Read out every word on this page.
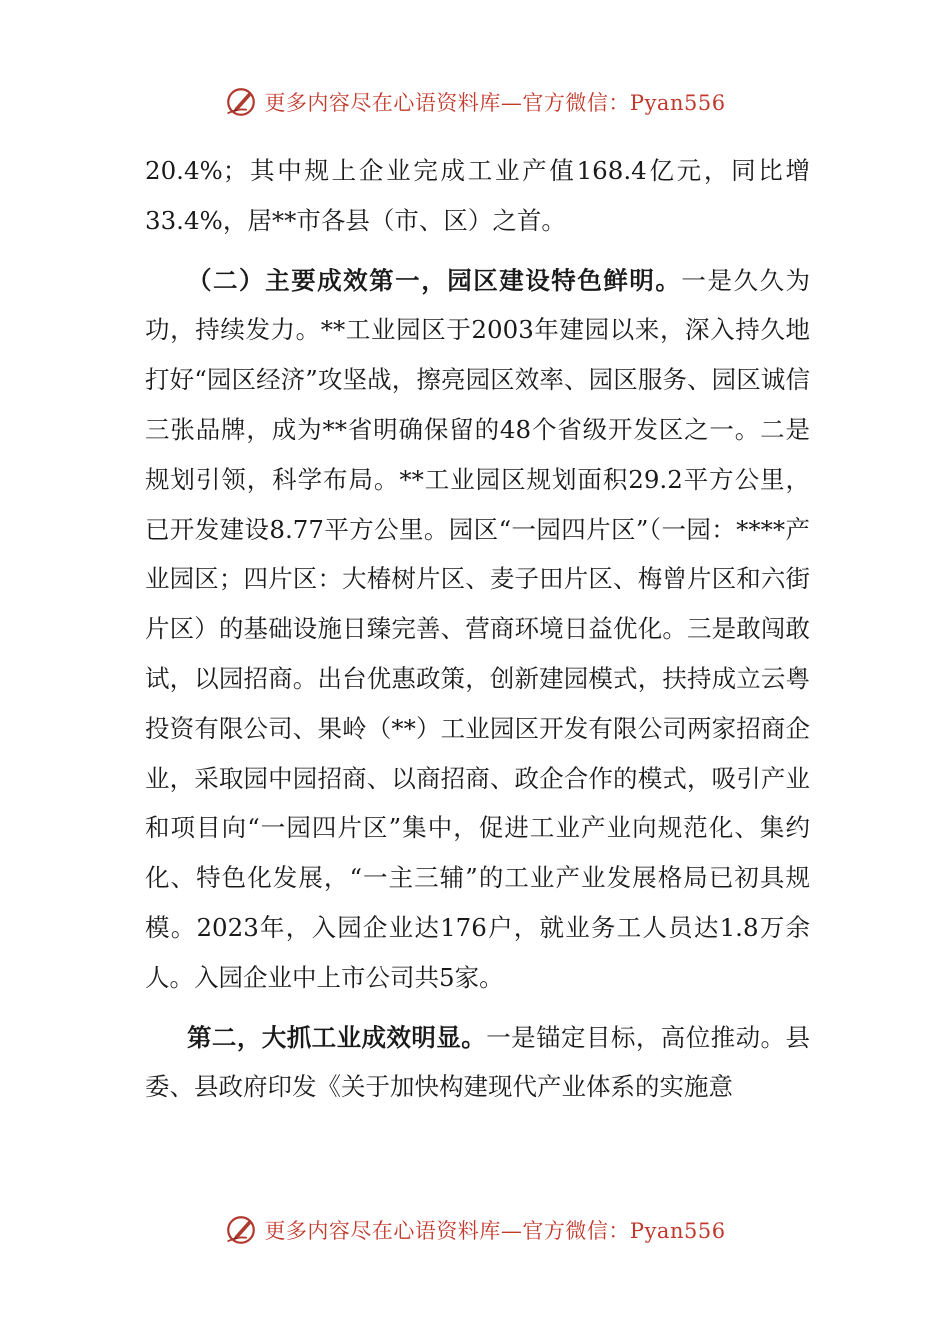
更多内容尽在心语资料库—官方微信：Pyan556

20.4%；其中规上企业完成工业产值168.4亿元，同比增33.4%，居**市各县（市、区）之首。

（二）主要成效第一，园区建设特色鲜明。一是久久为功，持续发力。**工业园区于2003年建园以来，深入持久地打好“园区经济”攻坚战，擦亮园区效率、园区服务、园区诚信三张品牌，成为**省明确保留的48个省级开发区之一。二是规划引领，科学布局。**工业园区规划面积29.2平方公里，已开发建设8.77平方公里。园区“一园四片区”（一园：****产业园区；四片区：大椿树片区、麦子田片区、梅曾片区和六街片区）的基础设施日臻完善、营商环境日益优化。三是敢闯敢试，以园招商。出台优惠政策，创新建园模式，扶持成立云粤投资有限公司、果岭（**）工业园区开发有限公司两家招商企业，采取园中园招商、以商招商、政企合作的模式，吸引产业和项目向“一园四片区”集中，促进工业产业向规范化、集约化、特色化发展，“一主三辅”的工业产业发展格局已初具规模。2023年，入园企业达176户，就业务工人员达1.8万余人。入园企业中上市公司共5家。

第二，大抓工业成效明显。一是锚定目标，高位推动。县委、县政府印发《关于加快构建现代产业体系的实施意

更多内容尽在心语资料库—官方微信：Pyan556
